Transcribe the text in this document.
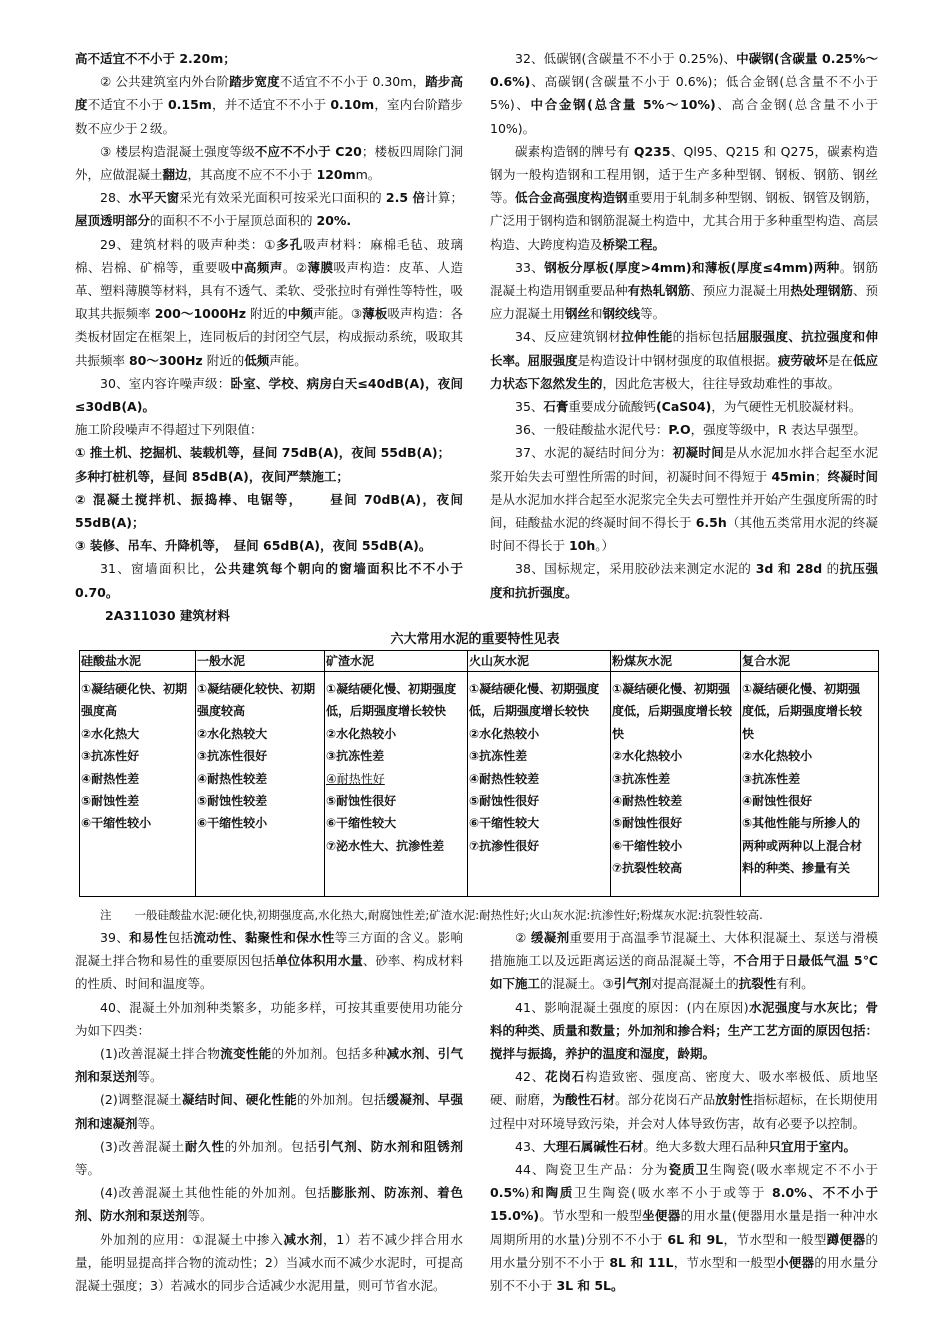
高不适宜不不小于 2.20m；

② 公共建筑室内外台阶踏步宽度不适宜不不小于 0.30m，踏步高度不适宜不小于 0.15m，并不适宜不不小于 0.10m，室内台阶踏步数不应少于２级。

③ 楼层构造混凝土强度等级不应不不小于 C20；楼板四周除门洞外，应做混凝土翻边，其高度不应不不小于 120mm。

28、水平天窗采光有效采光面积可按采光口面积的 2.5 倍计算；屋顶透明部分的面积不不小于屋顶总面积的 20%.

29、建筑材料的吸声种类：①多孔吸声材料：麻棉毛毡、玻璃棉、岩棉、矿棉等，重要吸中高频声。②薄膜吸声构造：皮革、人造革、塑料薄膜等材料，具有不透气、柔软、受张拉时有弹性等特性，吸取其共振频率 200～1000Hz 附近的中频声能。③薄板吸声构造：各类板材固定在框架上，连同板后的封闭空气层，构成振动系统，吸取其共振频率 80～300Hz 附近的低频声能。

30、室内容许噪声级：卧室、学校、病房白天≤40dB(A)，夜间≤30dB(A)。

施工阶段噪声不得超过下列限值：

① 推土机、挖掘机、装载机等，昼间 75dB(A)，夜间 55dB(A)；

多种打桩机等，昼间 85dB(A)，夜间严禁施工；

② 混凝土搅拌机、振捣棒、电锯等，　　 昼间 70dB(A)，夜间 55dB(A)；

③ 装修、吊车、升降机等，　昼间 65dB(A)，夜间 55dB(A)。

31、窗墙面积比，公共建筑每个朝向的窗墙面积比不不小于 0.70。

2A311030 建筑材料

32、低碳钢(含碳量不不小于 0.25%)、中碳钢(含碳量 0.25%～0.6%)、高碳钢(含碳量不小于 0.6%)；低合金钢(总含量不不小于 5%)、中合金钢(总含量 5%～10%)、高合金钢(总含量不小于 10%)。

碳素构造钢的牌号有 Q235、Ql95、Q215 和 Q275，碳素构造钢为一般构造钢和工程用钢，适于生产多种型钢、钢板、钢筋、钢丝等。低合金高强度构造钢重要用于轧制多种型钢、钢板、钢管及钢筋，广泛用于钢构造和钢筋混凝土构造中，尤其合用于多种重型构造、高层构造、大跨度构造及桥梁工程。

33、钢板分厚板(厚度>4mm)和薄板(厚度≤4mm)两种。钢筋混凝土构造用钢重要品种有热轧钢筋、预应力混凝土用热处理钢筋、预应力混凝土用钢丝和钢绞线等。

34、反应建筑钢材拉伸性能的指标包括屈服强度、抗拉强度和伸长率。屈服强度是构造设计中钢材强度的取值根据。疲劳破坏是在低应力状态下忽然发生的，因此危害极大，往往导致劫难性的事故。

35、石膏重要成分硫酸钙(CaS04)，为气硬性无机胶凝材料。

36、一般硅酸盐水泥代号：P.O，强度等级中，R 表达早强型。

37、水泥的凝结时间分为：初凝时间是从水泥加水拌合起至水泥浆开始失去可塑性所需的时间，初凝时间不得短于 45min；终凝时间是从水泥加水拌合起至水泥浆完全失去可塑性并开始产生强度所需的时间，硅酸盐水泥的终凝时间不得长于 6.5h（其他五类常用水泥的终凝时间不得长于 10h。）

38、国标规定，采用胶砂法来测定水泥的 3d 和 28d 的抗压强度和抗折强度。

六大常用水泥的重要特性见表
硅酸盐水泥
①凝结硬化快、初期
强度高
②水化热大
③抗冻性好
④耐热性差
⑤耐蚀性差
⑥干缩性较小
一般水泥
①凝结硬化较快、初期
强度较高
②水化热较大
③抗冻性很好
④耐热性较差
⑤耐蚀性较差
⑥干缩性较小
矿渣水泥
①凝结硬化慢、初期强度
低，后期强度增长较快
②水化热较小
③抗冻性差
④耐热性好
⑤耐蚀性很好
⑥干缩性较大
⑦泌水性大、抗渗性差
火山灰水泥
①凝结硬化慢、初期强度
低，后期强度增长较快
②水化热较小
③抗冻性差
④耐热性较差
⑤耐蚀性很好
⑥干缩性较大
⑦抗渗性很好
粉煤灰水泥
①凝结硬化慢、初期强
度低，后期强度增长较
快
②水化热较小
③抗冻性差
④耐热性较差
⑤耐蚀性很好
⑥干缩性较小
⑦抗裂性较高
复合水泥
①凝结硬化慢、初期强
度低，后期强度增长较
快
②水化热较小
③抗冻性差
④耐蚀性很好
⑤其他性能与所掺人的
两种或两种以上混合材
料的种类、掺量有关
注　　一般硅酸盐水泥:硬化快,初期强度高,水化热大,耐腐蚀性差;矿渣水泥:耐热性好;火山灰水泥:抗渗性好;粉煤灰水泥:抗裂性较高.

39、和易性包括流动性、黏聚性和保水性等三方面的含义。影响混凝土拌合物和易性的重要原因包括单位体积用水量、砂率、构成材料的性质、时间和温度等。

40、混凝土外加剂种类繁多，功能多样，可按其重要使用功能分为如下四类：

(1)改善混凝土拌合物流变性能的外加剂。包括多种减水剂、引气剂和泵送剂等。

(2)调整混凝土凝结时间、硬化性能的外加剂。包括缓凝剂、早强剂和速凝剂等。

(3)改善混凝土耐久性的外加剂。包括引气剂、防水剂和阻锈剂等。

(4)改善混凝土其他性能的外加剂。包括膨胀剂、防冻剂、着色剂、防水剂和泵送剂等。

外加剂的应用：①混凝土中掺入减水剂，1）若不减少拌合用水量，能明显提高拌合物的流动性；2）当减水而不减少水泥时，可提高混凝土强度；3）若减水的同步合适减少水泥用量，则可节省水泥。

② 缓凝剂重要用于高温季节混凝土、大体积混凝土、泵送与滑模措施施工以及远距离运送的商品混凝土等，不合用于日最低气温 5℃如下施工的混凝土。③引气剂对提高混凝土的抗裂性有利。

41、影响混凝土强度的原因：(内在原因)水泥强度与水灰比；骨料的种类、质量和数量；外加剂和掺合料；生产工艺方面的原因包括：搅拌与振捣，养护的温度和湿度，龄期。

42、花岗石构造致密、强度高、密度大、吸水率极低、质地坚硬、耐磨，为酸性石材。部分花岗石产品放射性指标超标，在长期使用过程中对环境导致污染，并会对人体导致伤害，故有必要予以控制。

43、大理石属碱性石材。绝大多数大理石品种只宜用于室内。

44、陶瓷卫生产品：分为瓷质卫生陶瓷(吸水率规定不不小于 0.5%)和陶质卫生陶瓷(吸水率不小于或等于 8.0%、不不小于 15.0%)。节水型和一般型坐便器的用水量(便器用水量是指一种冲水周期所用的水量)分别不不小于 6L 和 9L，节水型和一般型蹲便器的用水量分别不不小于 8L 和 11L，节水型和一般型小便器的用水量分别不不小于 3L 和 5L。
